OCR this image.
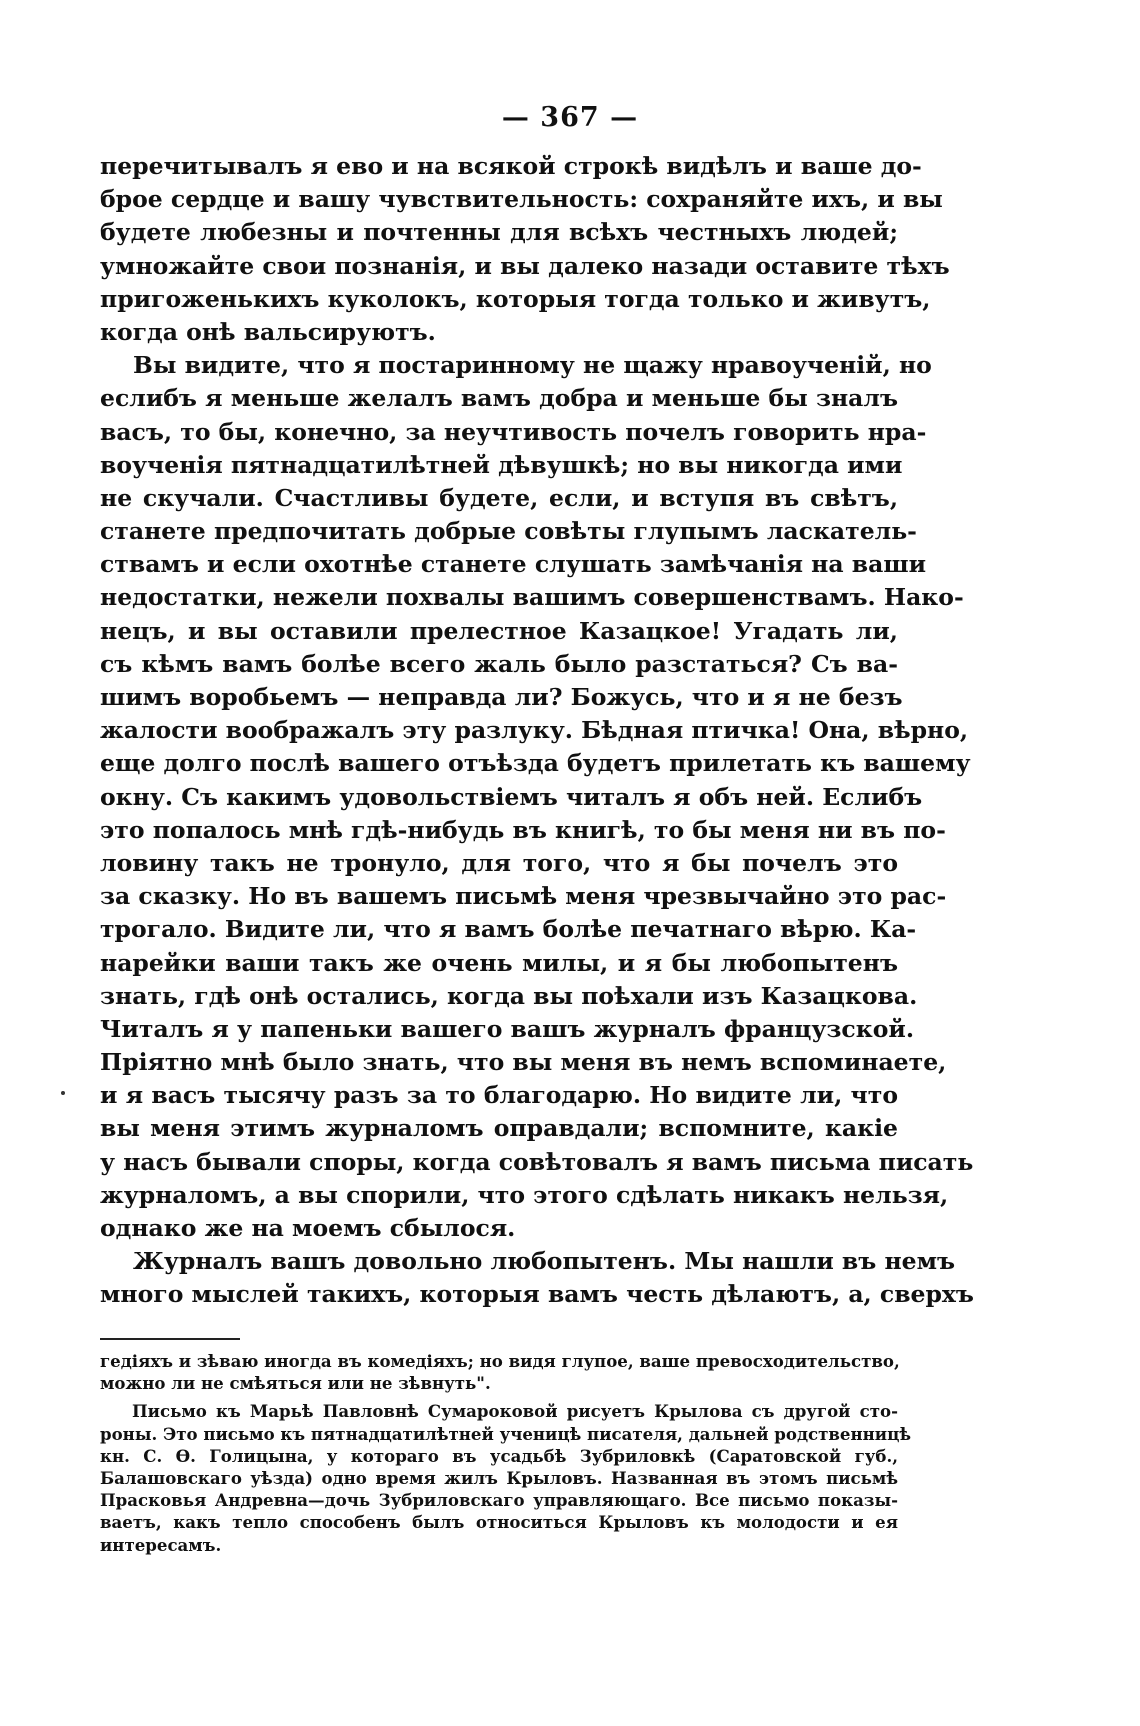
— 367 —
перечитывалъ я ево и на всякой строкѣ видѣлъ и ваше до-
брое сердце и вашу чувствительность: сохраняйте ихъ, и вы
будете любезны и почтенны для всѣхъ честныхъ людей;
умножайте свои познанія, и вы далеко назади оставите тѣхъ
пригоженькихъ куколокъ, которыя тогда только и живутъ,
когда онѣ вальсируютъ.
Вы видите, что я постаринному не щажу нравоученій, но
еслибъ я меньше желалъ вамъ добра и меньше бы зналъ
васъ, то бы, конечно, за неучтивость почелъ говорить нра-
воученія пятнадцатилѣтней дѣвушкѣ; но вы никогда ими
не скучали. Счастливы будете, если, и вступя въ свѣтъ,
станете предпочитать добрые совѣты глупымъ ласкатель-
ствамъ и если охотнѣе станете слушать замѣчанія на ваши
недостатки, нежели похвалы вашимъ совершенствамъ. Нако-
нецъ, и вы оставили прелестное Казацкое! Угадать ли,
съ кѣмъ вамъ болѣе всего жаль было разстаться? Съ ва-
шимъ воробьемъ — неправда ли? Божусь, что и я не безъ
жалости воображалъ эту разлуку. Бѣдная птичка! Она, вѣрно,
еще долго послѣ вашего отъѣзда будетъ прилетать къ вашему
окну. Съ какимъ удовольствіемъ читалъ я объ ней. Еслибъ
это попалось мнѣ гдѣ-нибудь въ книгѣ, то бы меня ни въ по-
ловину такъ не тронуло, для того, что я бы почелъ это
за сказку. Но въ вашемъ письмѣ меня чрезвычайно это рас-
трогало. Видите ли, что я вамъ болѣе печатнаго вѣрю. Ка-
нарейки ваши такъ же очень милы, и я бы любопытенъ
знать, гдѣ онѣ остались, когда вы поѣхали изъ Казацкова.
Читалъ я у папеньки вашего вашъ журналъ французской.
Пріятно мнѣ было знать, что вы меня въ немъ вспоминаете,
и я васъ тысячу разъ за то благодарю. Но видите ли, что
вы меня этимъ журналомъ оправдали; вспомните, какіе
у насъ бывали споры, когда совѣтовалъ я вамъ письма писать
журналомъ, а вы спорили, что этого сдѣлать никакъ нельзя,
однако же на моемъ сбылося.
Журналъ вашъ довольно любопытенъ. Мы нашли въ немъ
много мыслей такихъ, которыя вамъ честь дѣлаютъ, а, сверхъ
гедіяхъ и зѣваю иногда въ комедіяхъ; но видя глупое, ваше превосходительство,
можно ли не смѣяться или не зѣвнуть".
Письмо къ Марьѣ Павловнѣ Сумароковой рисуетъ Крылова съ другой сто-
роны. Это письмо къ пятнадцатилѣтней ученицѣ писателя, дальней родственницѣ
кн. С. Ѳ. Голицына, у котораго въ усадьбѣ Зубриловкѣ (Саратовской губ.,
Балашовскаго уѣзда) одно время жилъ Крыловъ. Названная въ этомъ письмѣ
Прасковья Андревна—дочь Зубриловскаго управляющаго. Все письмо показы-
ваетъ, какъ тепло способенъ былъ относиться Крыловъ къ молодости и ея
интересамъ.
